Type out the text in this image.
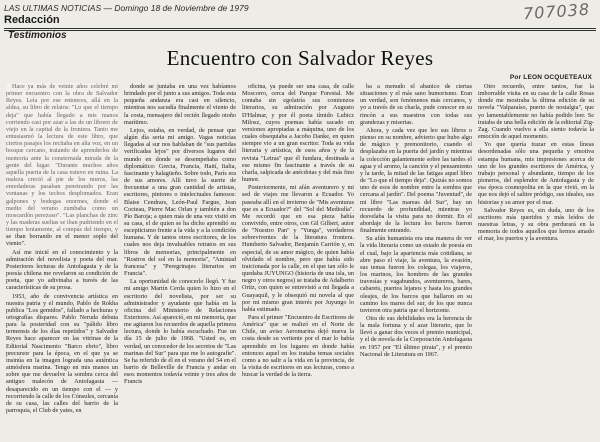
LAS ULTIMAS NOTICIAS — Domingo 18 de Noviembre de 1979
Redacción	707038
Testimonios
Encuentro con Salvador Reyes
Por LEON OCQUETEAUX

Hace ya más de veinte años celebré mi primer encuentro con la obra de Salvador Reyes. Leía por ese entonces, allá en la aldea, su libro de relatos: "Lo que el tiempo deja" que había llegado a mis manos corriendo casi por azar a las de un librero de viejo en la capital de la frontera. Tanto me entusiasmó la lectura de este libro, que ciertos pasajes los recitaba en alta voz, en un bosque cercano, tratando de aprenderlos de memoria ante la consternada mirada de la gente del lugar. "Durante muchos años aquella puerta de la casa estuvo en ruina. La maleza creció al pie de los muros, las enredaderas pasaban penetrando por las ventanas y los techos desplomados. Eran galpones y bodegas enormes, donde el medio del verano zumbaba como un moscardón perezoso". "Las planchas de zinc y las maderas sueltas se iban pudriendo en el tiempo lentamente, al compás del tiempo, y se iban borrando en el menor soplo del viento".

Así me inicié en el conocimiento y la admiración del novelista y poeta del mar. Posteriores lecturas de Antofagasta y de la poesía chilena me revelaron su condición de poeta, que yo adivinaba a través de las características de su prosa.

1953, año de convivencia artística en nuestra patria y el mundo, Pablo de Rokha publica "Los gemidos", fallado a hechuras y ortografías dispares. Pablo Neruda debuta para la posteridad con su "pálido libro termensis de los días repetidos" y Salvador Reyes hace aparecer en las vitrinas de la Editorial Nascimento "Barco ebrio", libro precursor para la época, en el que ya se insinúa en la imagen lograda una auténtica atmósfera marina. Tengo en mis manos un sobre que me devuelve la sombra cerca del antiguo malecón de Antofagasta — desaparecido en un tiempo con el — y recorriendo la calle de los Cónsules, cercanía de su casa, las calles del barrio de la parroquia, el Club de yates, en

donde se juntaba en una vez habíamos brindado por él junto a sus amigos. Toda esta pequeña andanza era casi en silencio, mientras nos sacudía finalmente el viento de la costa, mensajero del recién llegado otoño marítimo.

Lejos, estaba, en verdad, de pensar que algún día seria mi amigo. Vagas noticias llegadas al sur nos hablaban de "sus partidas verificadas lejos" por diversos lugares del mundo en donde se desempeñaba como diplomático: Grecia, Francia, Haití, Italia, fascinante y halagüeño. Sobre todo, París era de sus amores. Allí tuvo la suerte de frecuentar a una gran cantidad de artistas, escritores, pintores o intelectuales famosos: Blaise Cendrars, León-Paul Fargue, Jean Cocteau, Pierre Mac Orlan y también a don Pío Baroja; a quien más de una vez visitó en su casa, el de quien se ha dicho aprendió su escepticismo frente a la vida y a la condición humana. Y de tantos otros escritores, de los cuales nos deja invaluables retratos en sus libros de memorias, principalmente en "Rostros del sol en la memoria", "Amistad francesa" y "Peregrinajes literarios en Francia".

La oportunidad de conocerlo llegó. Y fue mi amigo Martín Cerda quien lo hizo en el escritorio del novelista, por ser su administrador y ayudante que había en la oficina del Ministerio de Relaciones Exteriores. Así apareció, en mi memoria, que me agitaron los recuerdos de aquella primera lectura, donde lo había escuchado. Fue un día 15 de julio de 1968. "Usted es, en verdad, un conocedor de los secretos de "Las marinas del Sur" para que me lo autografíe". Se ha referido de él en el verano del 54 en el barrio de Belleville de Francia y andar en esos momentos todavía veinte y tres años de Francis

oficina, ya puede ser una casa, de calle Moscorro, cerca del Parque Forestal. Me contaba sin egolatría sus comienzos literarios, su admiración por Augusto D'Halmar, y por él poeta tímido Lubicz Milosz, cuyos poemas había sacado en versiones apropiadas a máquina, uno de los cuales obsequiaba a Jacobo Danke, en quien siempre vio a un gran escritor. Toda su vida literaria y artística, de esos años y de la revista "Letras" que él fundara, destinada a ese mismo fin fascinante a través de su charla, salpicada de anécdotas y del más fino humor.

Posteriormente, mi afán aventurero y mi sed de viajes me llevaron a Ecuador. Yo paseaba allí en el invierno de "Mis aventuras que es a Ecuador?" del "Sol del Mediodía". Me recordó que en esa pieza había convivido, entre otros, con Gil Gilbert, autor de "Nuestro Pan" y "Yunga", verdaderos sobreviventes de la literatura frontera. Humberto Salvador, Benjamín Carrión y, en especial, de su amor mágico, de quien había olvidado el nombre, pero que había sido traicionada por la calle, en el que tan sólo le quedaba JUYUNGO (historia de una isla, un negro y otros negros) se trataba de Adalberto Ortiz, con quien se entrevistó a mi llegada a Guayaquil, y le obsequió mi novela al que por mi mismo gran interés por Juyungo lo había estimado.

Para el primer "Encuentro de Escritores de América" que se realizó en el Norte de Chile, un aviso Aeromarina dejó nueva la costa desde su vertiente por el mar lo había aprendido en los lugares en donde había entonces aquel en los trataba temas sociales como a no salir a la vida en la provincia, de la visita de escritores en sus lecturas, como a buscar la verdad de la tierra.

ba a menudo el abanico de ciertas situaciones y el más sano humorismo. Eran un verdad, son fenómenos más cercanos, y yo a través de su charla, pude conocer en su rincón a sus maestros con todas sus grandezas y miserias.

Ahora, y cada vez que leo sus libros o pienso en su nombre, advierto que hubo algo de mágico y premonitorio, cuando el desplazaba en la puerta del jardín y mientras la colección galantemente sobre las tardes el agua y el aromo, la canción y el pensamiento y la tarde, la mitad de las fatigas aquel libro de "Lo que el tiempo deja". Quizás no somos uno de esos de nombre entre la sombra que cercana al jardín". Del poema "Juventud", de mi libro "Las mareas del Sur", hay un recuerdo de profundidad, mientras yo desvelaba la visita para no dormir. En el abordaje de la lectura los barcos fueron finalmente entrando.

Su afán humanista era una manera de ver la vida literaria como un estado de poesía en el cual, bajo la apariencia más cotidiana, se abre paso el viaje, la aventura, la evasión, sus temas fueron los colegas, los viajeros, los marinos, los hombres de las grandes travesías y vagabundos, aventureros, bares, cabarets, puertos lejanos y hasta los grandes oleajes, de los barcos que hallaron en su camino los mares del sur, de los que nunca tuvieron otra patria que el horizonte.

Otra de sus debilidades era la herencia de la mala fortuna y el azar literario, que lo llevó a ganar dos veces el premio municipal, y el de novela de la Corporación Antofagasta en 1957 por "El último pirata", y el premio Nacional de Literatura en 1967.

Otro recuerdo, entre tantos, fue la imborrable visita en su casa de la calle Rosas donde me mostraba la última edición de su novela "Valparaíso, puerto de nostalgia", que yo lamentablemente no había podido leer. Se trataba de una bella edición de la editorial Zig-Zag. Cuando vuelvo a ella siento todavía la emoción de aquel momento.

Yo que quería trazar en estas líneas desordenadas sólo una pequeña y emotiva estampa humana, mis impresiones acerca de uno de los grandes escritores de América, y trabajo personal y abundante, tiempo de los pioneros, del esplendor de Antofagasta y de esa época cosmopolita en la que vivió, en la que nos dejó el salitre pródigo, sus ideales, sus historias y su amor por el mar.

Salvador Reyes es, sin duda, uno de los escritores más queridos y más leídos de nuestras letras, y su obra perdurará en la memoria de todos aquellos que hemos amado el mar, los puertos y la aventura.
